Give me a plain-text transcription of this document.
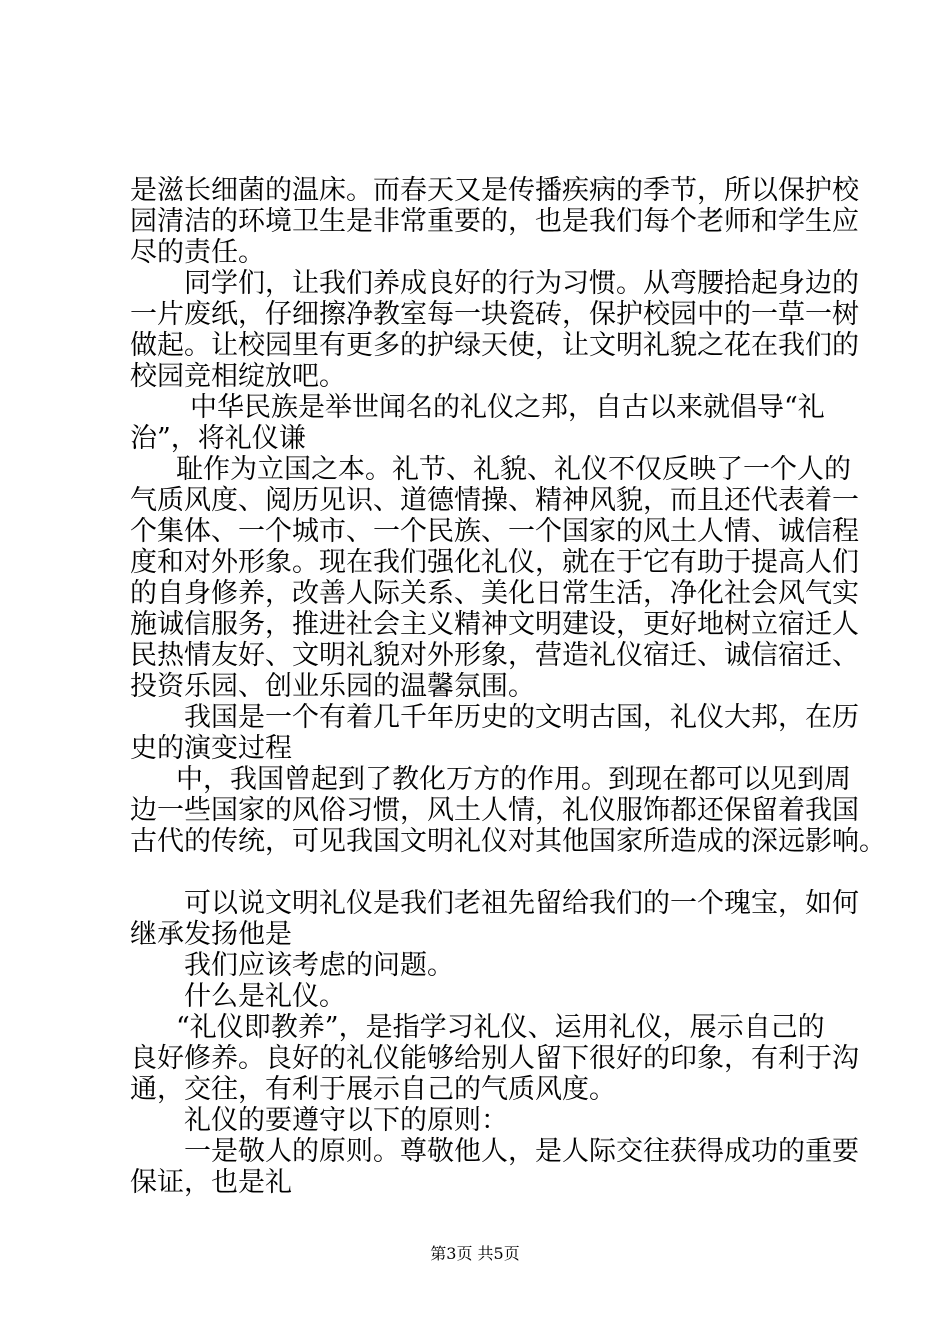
是滋长细菌的温床。而春天又是传播疾病的季节，所以保护校
园清洁的环境卫生是非常重要的，也是我们每个老师和学生应
尽的责任。
同学们，让我们养成良好的行为习惯。从弯腰拾起身边的
一片废纸，仔细擦净教室每一块瓷砖，保护校园中的一草一树
做起。让校园里有更多的护绿天使，让文明礼貌之花在我们的
校园竞相绽放吧。
中华民族是举世闻名的礼仪之邦，自古以来就倡导“礼
治”，将礼仪谦
耻作为立国之本。礼节、礼貌、礼仪不仅反映了一个人的
气质风度、阅历见识、道德情操、精神风貌，而且还代表着一
个集体、一个城市、一个民族、一个国家的风土人情、诚信程
度和对外形象。现在我们强化礼仪，就在于它有助于提高人们
的自身修养，改善人际关系、美化日常生活，净化社会风气实
施诚信服务，推进社会主义精神文明建设，更好地树立宿迁人
民热情友好、文明礼貌对外形象，营造礼仪宿迁、诚信宿迁、
投资乐园、创业乐园的温馨氛围。
我国是一个有着几千年历史的文明古国，礼仪大邦，在历
史的演变过程
中，我国曾起到了教化万方的作用。到现在都可以见到周
边一些国家的风俗习惯，风土人情，礼仪服饰都还保留着我国
古代的传统，可见我国文明礼仪对其他国家所造成的深远影响。
可以说文明礼仪是我们老祖先留给我们的一个瑰宝，如何
继承发扬他是
我们应该考虑的问题。
什么是礼仪。
“礼仪即教养”，是指学习礼仪、运用礼仪，展示自己的
良好修养。良好的礼仪能够给别人留下很好的印象，有利于沟
通，交往，有利于展示自己的气质风度。
礼仪的要遵守以下的原则：
一是敬人的原则。尊敬他人，是人际交往获得成功的重要
保证，也是礼
第3页 共5页
